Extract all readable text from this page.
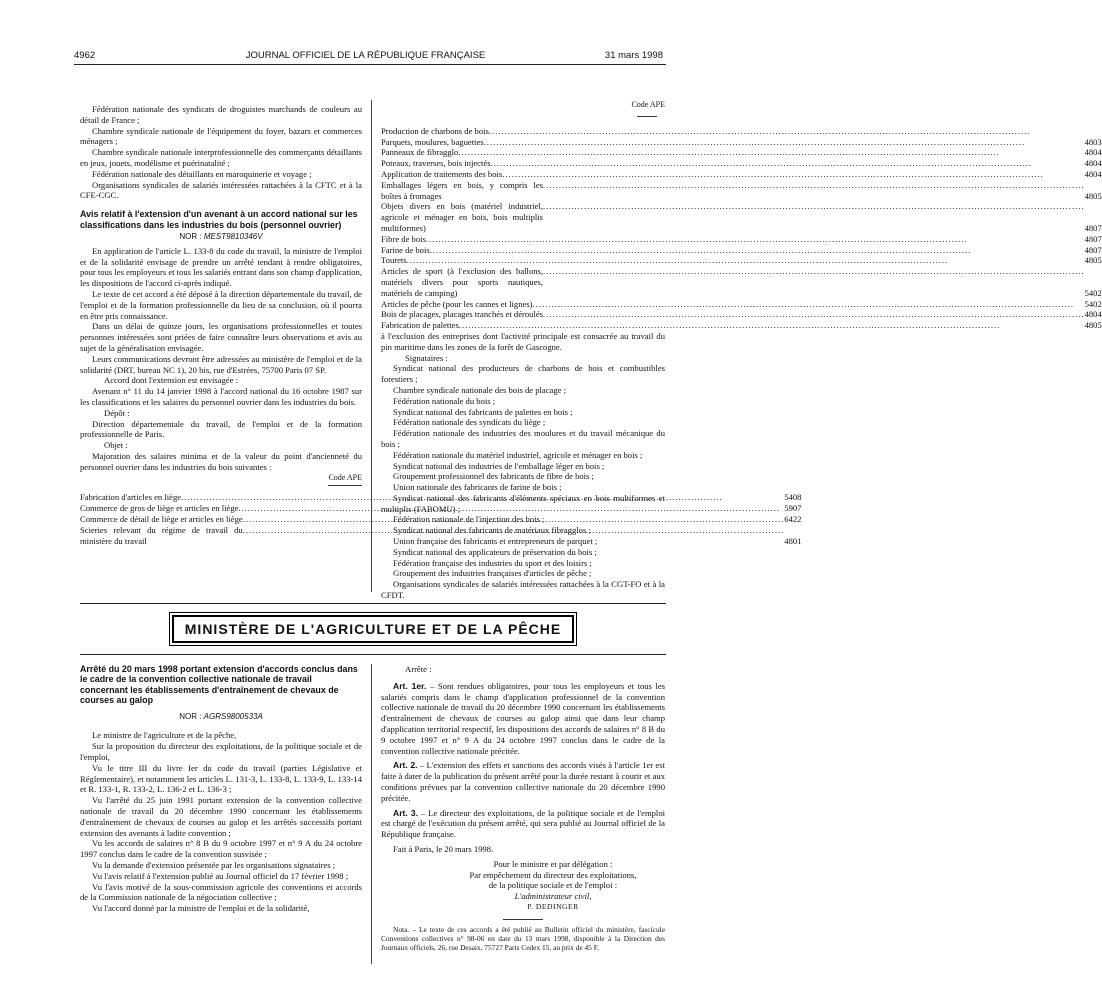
4962	JOURNAL OFFICIEL DE LA RÉPUBLIQUE FRANÇAISE	31 mars 1998

Fédération nationale des syndicats de droguistes marchands de couleurs au détail de France ;

Chambre syndicale nationale de l'équipement du foyer, bazars et commerces ménagers ;

Chambre syndicale nationale interprofessionnelle des commerçants détaillants en jeux, jouets, modélisme et puérinatalité ;

Fédération nationale des détaillants en maroquinerie et voyage ;

Organisations syndicales de salariés intéressées rattachées à la CFTC et à la CFE-CGC.

Avis relatif à l'extension d'un avenant à un accord national sur les classifications dans les industries du bois (personnel ouvrier)

NOR : MESТ9810346V

En application de l'article L. 133-8 du code du travail, la ministre de l'emploi et de la solidarité envisage de prendre un arrêté tendant à rendre obligatoires, pour tous les employeurs et tous les salariés entrant dans son champ d'application, les dispositions de l'accord ci-après indiqué.

Le texte de cet accord a été déposé à la direction départementale du travail, de l'emploi et de la formation professionnelle du lieu de sa conclusion, où il pourra en être pris connaissance.

Dans un délai de quinze jours, les organisations professionnelles et toutes personnes intéressées sont priées de faire connaître leurs observations et avis au sujet de la généralisation envisagée.

Leurs communications devront être adressées au ministère de l'emploi et de la solidarité (DRT, bureau NC 1), 20 bis, rue d'Estrées, 75700 Paris 07 SP.

Accord dont l'extension est envisagée :

Avenant n° 11 du 14 janvier 1998 à l'accord national du 16 octobre 1987 sur les classifications et les salaires du personnel ouvrier dans les industries du bois.

Dépôt :

Direction départementale du travail, de l'emploi et de la formation professionnelle de Paris.

Objet :

Majoration des salaires minima et de la valeur du point d'ancienneté du personnel ouvrier dans les industries du bois suivantes :

Code APE

Fabrication d'articles en liège
.....	5408

Commerce de gros de liège et articles en liège
.....	5907

Commerce de détail de liège et articles en liège
.....	6422

Scieries relevant du régime de travail du ministère du travail
.....	4801

Code APE

Production de charbons de bois
.....

Parquets, moulures, baguettes
.....	4803

Panneaux de fibragglo
.....	4804

Poteaux, traverses, bois injectés
.....	4804

Application de traitements des bois
.....	4804

Emballages légers en bois, y compris les boîtes à fromages
.....	4805

Objets divers en bois (matériel industriel, agricole et ménager en bois, bois multiplis multiformes)
.....	4807

Fibre de bois
.....	4807

Farine de bois
.....	4807

Tourets
.....	4805

Articles de sport (à l'exclusion des ballons, matériels divers pour sports nautiques, matériels de camping)
.....	5402

Articles de pêche (pour les cannes et lignes)
.....	5402

Bois de placages, placages tranchés et déroulés
.....	4804

Fabrication de palettes
.....	4805

à l'exclusion des entreprises dont l'activité principale est consacrée au travail du pin maritime dans les zones de la forêt de Gascogne.

Signataires :

Syndicat national des producteurs de charbons de bois et combustibles forestiers ;

Chambre syndicale nationale des bois de placage ;

Fédération nationale du bois ;

Syndicat national des fabricants de palettes en bois ;

Fédération nationale des syndicats du liège ;

Fédération nationale des industries des moulures et du travail mécanique du bois ;

Fédération nationale du matériel industriel, agricole et ménager en bois ;

Syndicat national des industries de l'emballage léger en bois ;

Groupement professionnel des fabricants de fibre de bois ;

Union nationale des fabricants de farine de bois ;

Syndicat national des fabricants d'éléments spéciaux en bois multiformes et multiplis (FABOMU) ;

Fédération nationale de l'injection des bois ;

Syndicat national des fabricants de matériaux fibragglos ;

Union française des fabricants et entrepreneurs de parquet ;

Syndicat national des applicateurs de préservation du bois ;

Fédération française des industries du sport et des loisirs ;

Groupement des industries françaises d'articles de pêche ;

Organisations syndicales de salariés intéressées rattachées à la CGT-FO et à la CFDT.

MINISTÈRE DE L'AGRICULTURE ET DE LA PÊCHE
Arrêté du 20 mars 1998 portant extension d'accords conclus dans le cadre de la convention collective nationale de travail concernant les établissements d'entraînement de chevaux de courses au galop

NOR : AGRS9800533A

Le ministre de l'agriculture et de la pêche,

Sur la proposition du directeur des exploitations, de la politique sociale et de l'emploi,

Vu le titre III du livre Ier du code du travail (parties Législative et Réglementaire), et notamment les articles L. 131-3, L. 133-8, L. 133-9, L. 133-14 et R. 133-1, R. 133-2, L. 136-2 et L. 136-3 ;

Vu l'arrêté du 25 juin 1991 portant extension de la convention collective nationale de travail du 20 décembre 1990 concernant les établissements d'entraînement de chevaux de courses au galop et les arrêtés successifs portant extension des avenants à ladite convention ;

Vu les accords de salaires n° 8 B du 9 octobre 1997 et n° 9 A du 24 octobre 1997 conclus dans le cadre de la convention susvisée ;

Vu la demande d'extension présentée par les organisations signataires ;

Vu l'avis relatif à l'extension publié au Journal officiel du 17 février 1998 ;

Vu l'avis motivé de la sous-commission agricole des conventions et accords de la Commission nationale de la négociation collective ;

Vu l'accord donné par la ministre de l'emploi et de la solidarité,

Arrête :

Art. 1er. – Sont rendues obligatoires, pour tous les employeurs et tous les salariés compris dans le champ d'application professionnel de la convention collective nationale de travail du 20 décembre 1990 concernant les établissements d'entraînement de chevaux de courses au galop ainsi que dans leur champ d'application territorial respectif, les dispositions des accords de salaires n° 8 B du 9 octobre 1997 et n° 9 A du 24 octobre 1997 conclus dans le cadre de la convention collective nationale précitée.

Art. 2. – L'extension des effets et sanctions des accords visés à l'article 1er est faite à dater de la publication du présent arrêté pour la durée restant à courir et aux conditions prévues par la convention collective nationale du 20 décembre 1990 précitée.

Art. 3. – Le directeur des exploitations, de la politique sociale et de l'emploi est chargé de l'exécution du présent arrêté, qui sera publié au Journal officiel de la République française.

Fait à Paris, le 20 mars 1998.

Pour le ministre et par délégation :

Par empêchement du directeur des exploitations,

de la politique sociale et de l'emploi :

L'administrateur civil,

P. DEDINGER

Nota. – Le texte de ces accords a été publié au Bulletin officiel du ministère, fascicule Conventions collectives n° 98-06 en date du 13 mars 1998, disponible à la Direction des Journaux officiels, 26, rue Desaix, 75727 Paris Cedex 15, au prix de 45 F.
